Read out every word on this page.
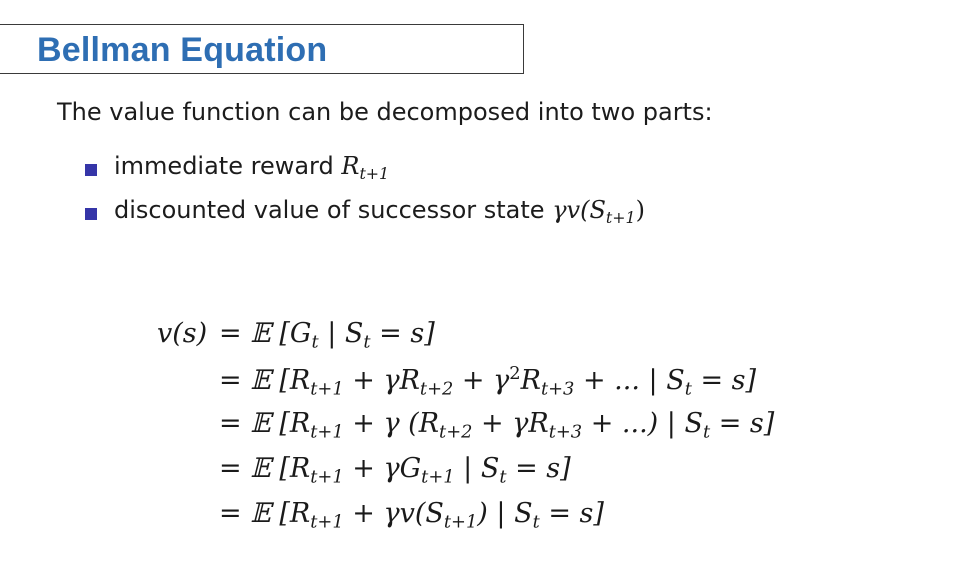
Bellman Equation
The value function can be decomposed into two parts:
immediate reward $R_{t+1}$
discounted value of successor state $\gamma v(S_{t+1})$
v(s) = 𝔼 [$G_t$ | $S_t = s$]
= 𝔼 [$R_{t+1} + \gamma R_{t+2} + \gamma^2R_{t+3}$ + ... | $S_t = s$]
= 𝔼 [$R_{t+1} + \gamma$ ($R_{t+2} + \gamma R_{t+3}$ + ...) | $S_t = s$]
= 𝔼 [$R_{t+1} + \gamma G_{t+1}$ | $S_t = s$]
= 𝔼 [$R_{t+1} + \gamma v(S_{t+1})$ | $S_t = s$]
